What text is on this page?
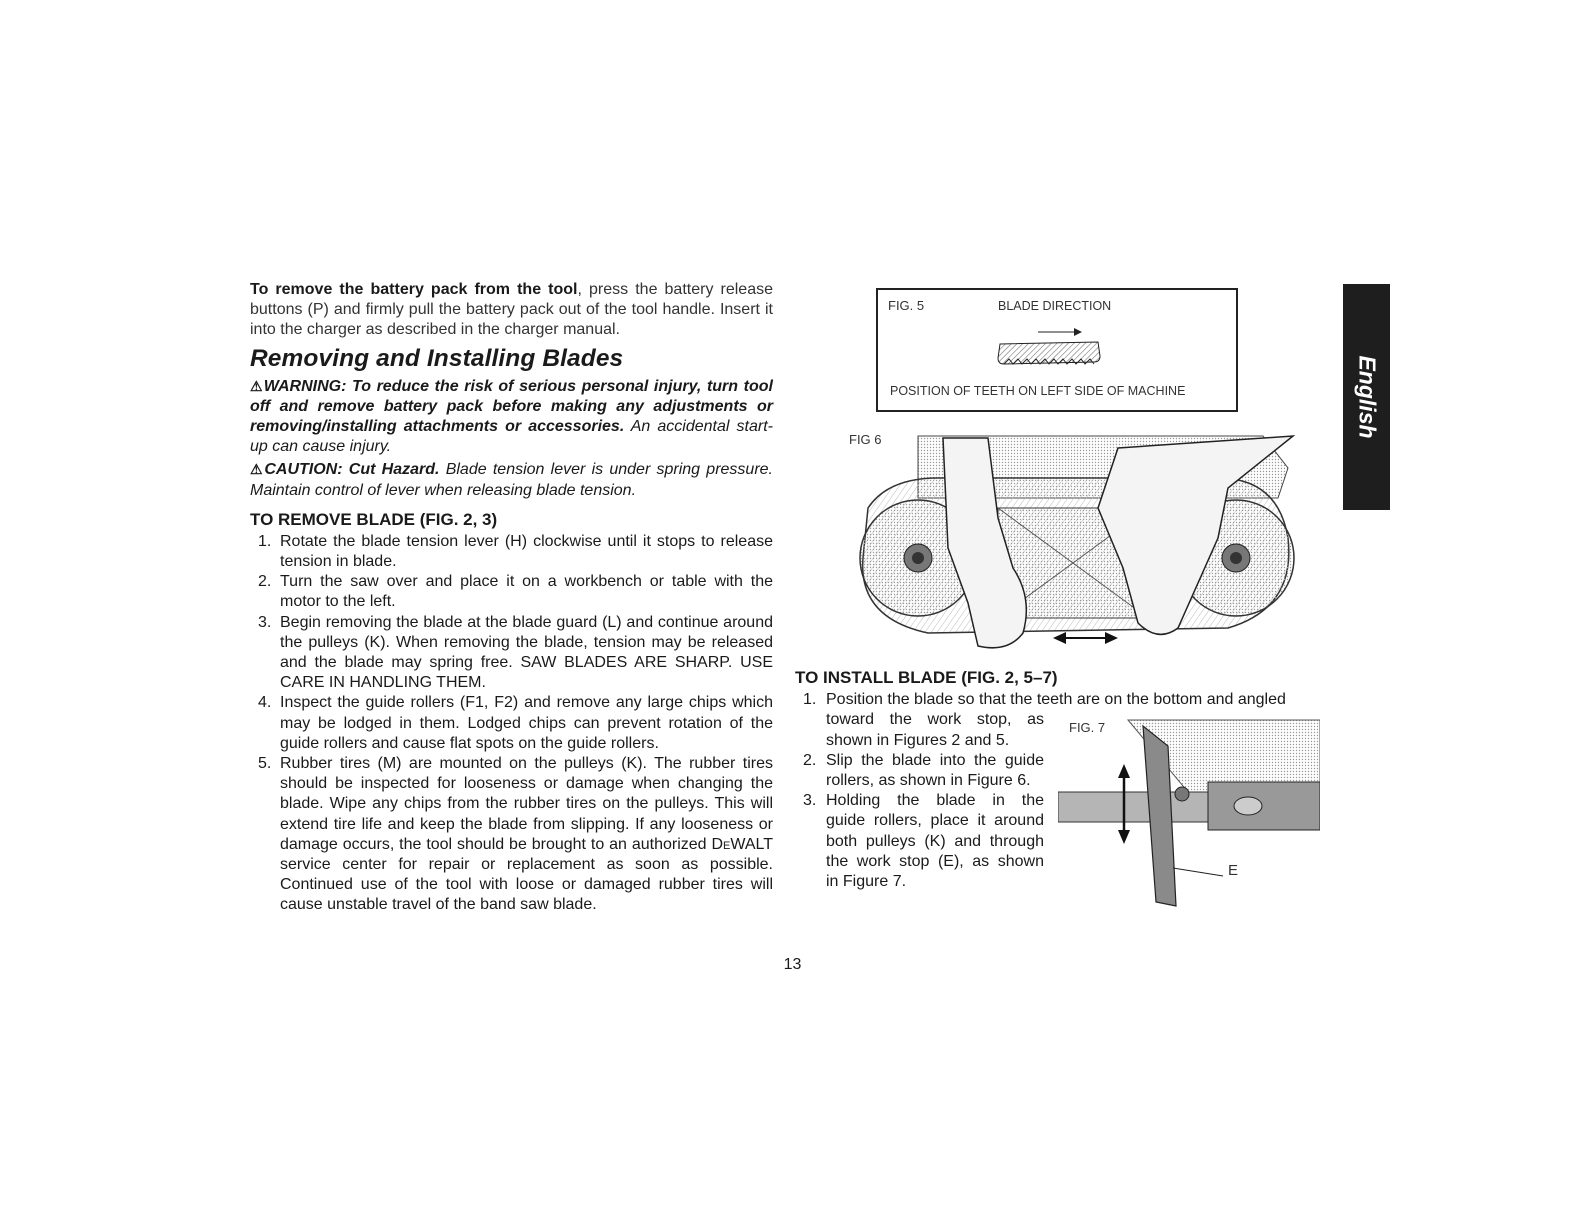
To remove the battery pack from the tool, press the battery release buttons (P) and firmly pull the battery pack out of the tool handle. Insert it into the charger as described in the charger manual.

Removing and Installing Blades

⚠WARNING: To reduce the risk of serious personal injury, turn tool off and remove battery pack before making any adjustments or removing/installing attachments or accessories. An accidental start-up can cause injury.

⚠CAUTION: Cut Hazard. Blade tension lever is under spring pressure. Maintain control of lever when releasing blade tension.

TO REMOVE BLADE (FIG. 2, 3)
1. Rotate the blade tension lever (H) clockwise until it stops to release tension in blade.
2. Turn the saw over and place it on a workbench or table with the motor to the left.
3. Begin removing the blade at the blade guard (L) and continue around the pulleys (K). When removing the blade, tension may be released and the blade may spring free. SAW BLADES ARE SHARP. USE CARE IN HANDLING THEM.
4. Inspect the guide rollers (F1, F2) and remove any large chips which may be lodged in them. Lodged chips can prevent rotation of the guide rollers and cause flat spots on the guide rollers.
5. Rubber tires (M) are mounted on the pulleys (K). The rubber tires should be inspected for looseness or damage when changing the blade. Wipe any chips from the rubber tires on the pulleys. This will extend tire life and keep the blade from slipping. If any looseness or damage occurs, the tool should be brought to an authorized DeWALT service center for repair or replacement as soon as possible. Continued use of the tool with loose or damaged rubber tires will cause unstable travel of the band saw blade.
FIG. 5	BLADE DIRECTION
POSITION OF TEETH ON LEFT SIDE OF MACHINE
FIG 6
English
TO INSTALL BLADE (FIG. 2, 5–7)
1. Position the blade so that the teeth are on the bottom and angled
toward the work stop, as
shown in Figures 2 and 5.
2. Slip the blade into the guide
rollers, as shown in Figure 6.
3. Holding the blade in the
guide rollers, place it around
both pulleys (K) and through
the work stop (E), as shown
in Figure 7.
FIG. 7
E
13
